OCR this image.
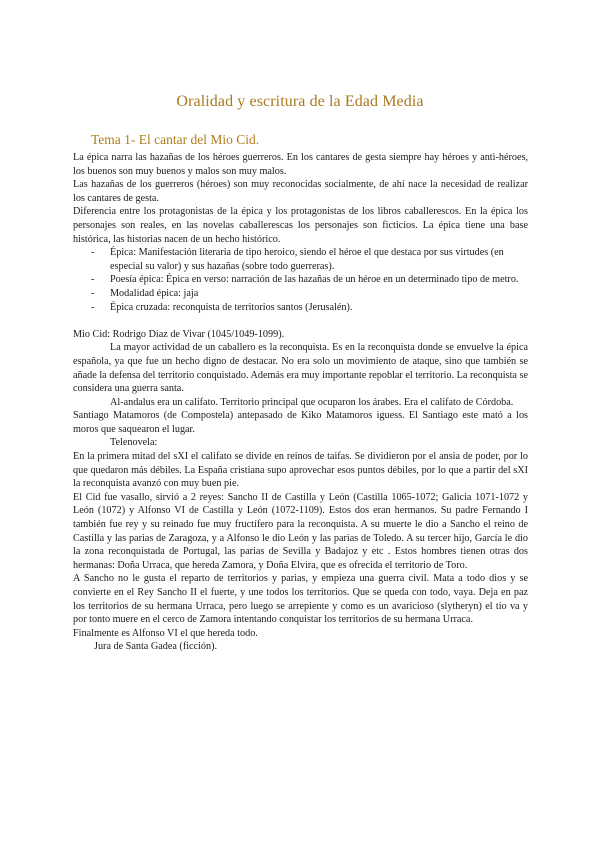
Oralidad y escritura de la Edad Media
Tema 1- El cantar del Mio Cid.

La épica narra las hazañas de los héroes guerreros. En los cantares de gesta siempre hay héroes y anti-héroes, los buenos son muy buenos y malos son muy malos.

Las hazañas de los guerreros (héroes) son muy reconocidas socialmente, de ahí nace la necesidad de realizar los cantares de gesta.

Diferencia entre los protagonistas de la épica y los protagonistas de los libros caballerescos. En la épica los personajes son reales, en las novelas caballerescas los personajes son ficticios. La épica tiene una base histórica, las historias nacen de un hecho histórico.

- Épica: Manifestación literaria de tipo heroico, siendo el héroe el que destaca por sus virtudes (en especial su valor) y sus hazañas (sobre todo guerreras).
- Poesía épica: Épica en verso: narración de las hazañas de un héroe en un determinado tipo de metro.
- Modalidad épica: jaja
- Épica cruzada: reconquista de territorios santos (Jerusalén).

Mio Cid: Rodrigo Díaz de Vivar (1045/1049-1099).

La mayor actividad de un caballero es la reconquista. Es en la reconquista donde se envuelve la épica española, ya que fue un hecho digno de destacar. No era solo un movimiento de ataque, sino que también se añade la defensa del territorio conquistado. Además era muy importante repoblar el territorio. La reconquista se considera una guerra santa.

Al-andalus era un califato. Territorio principal que ocuparon los árabes. Era el califato de Córdoba.

Santiago Matamoros (de Compostela) antepasado de Kiko Matamoros iguess. El Santiago este mató a los moros que saquearon el lugar.

Telenovela:

En la primera mitad del sXI el califato se divide en reinos de taifas. Se dividieron por el ansia de poder, por lo que quedaron más débiles. La España cristiana supo aprovechar esos puntos débiles, por lo que a partir del sXI la reconquista avanzó con muy buen pie.

El Cid fue vasallo, sirvió a 2 reyes: Sancho II de Castilla y León (Castilla 1065-1072; Galicia 1071-1072 y León (1072) y Alfonso VI de Castilla y León (1072-1109). Estos dos eran hermanos. Su padre Fernando I también fue rey y su reinado fue muy fructífero para la reconquista. A su muerte le dio a Sancho el reino de Castilla y las parias de Zaragoza, y a Alfonso le dio León y las parias de Toledo. A su tercer hijo, García le dio la zona reconquistada de Portugal, las parias de Sevilla y Badajoz y etc . Estos hombres tienen otras dos hermanas: Doña Urraca, que hereda Zamora, y Doña Elvira, que es ofrecida el territorio de Toro.

A Sancho no le gusta el reparto de territorios y parias, y empieza una guerra civil. Mata a todo dios y se convierte en el Rey Sancho II el fuerte, y une todos los territorios. Que se queda con todo, vaya. Deja en paz los territorios de su hermana Urraca, pero luego se arrepiente y como es un avaricioso (slytheryn) el tío va y por tonto muere en el cerco de Zamora intentando conquistar los territorios de su hermana Urraca.

Finalmente es Alfonso VI el que hereda todo.

Jura de Santa Gadea (ficción).
